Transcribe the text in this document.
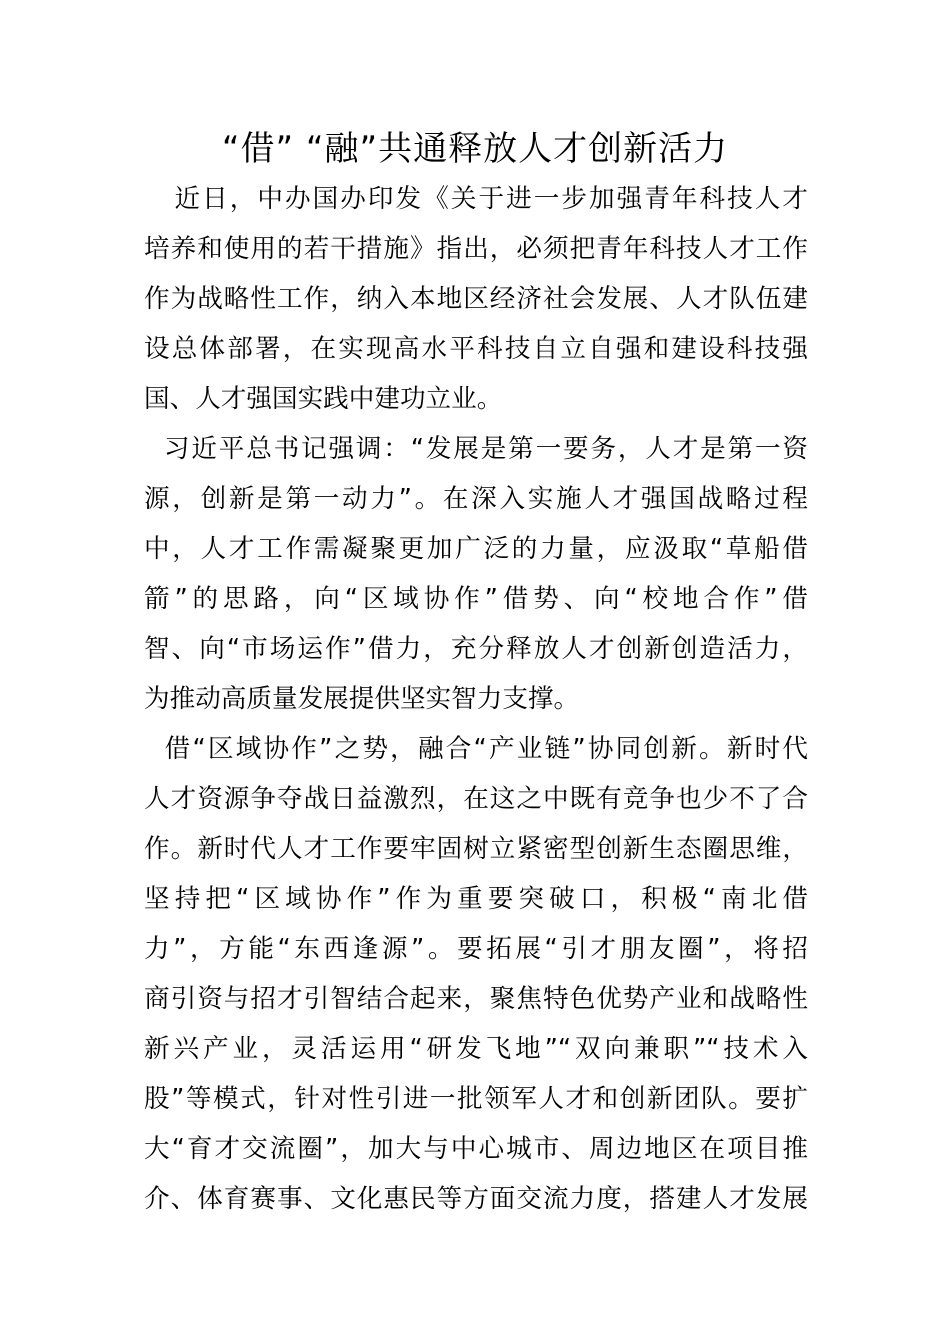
“借” “融”共通释放人才创新活力
近日，中办国办印发《关于进一步加强青年科技人才
培养和使用的若干措施》指出，必须把青年科技人才工作
作为战略性工作，纳入本地区经济社会发展、人才队伍建
设总体部署，在实现高水平科技自立自强和建设科技强
国、人才强国实践中建功立业。
习近平总书记强调：“发展是第一要务，人才是第一资
源，创新是第一动力”。在深入实施人才强国战略过程
中，人才工作需凝聚更加广泛的力量，应汲取“草船借
箭”的思路，向“区域协作”借势、向“校地合作”借
智、向“市场运作”借力，充分释放人才创新创造活力，
为推动高质量发展提供坚实智力支撑。
借“区域协作”之势，融合“产业链”协同创新。新时代
人才资源争夺战日益激烈，在这之中既有竞争也少不了合
作。新时代人才工作要牢固树立紧密型创新生态圈思维，
坚持把“区域协作”作为重要突破口，积极“南北借
力”，方能“东西逢源”。要拓展“引才朋友圈”，将招
商引资与招才引智结合起来，聚焦特色优势产业和战略性
新兴产业，灵活运用“研发飞地”“双向兼职”“技术入
股”等模式，针对性引进一批领军人才和创新团队。要扩
大“育才交流圈”，加大与中心城市、周边地区在项目推
介、体育赛事、文化惠民等方面交流力度，搭建人才发展
